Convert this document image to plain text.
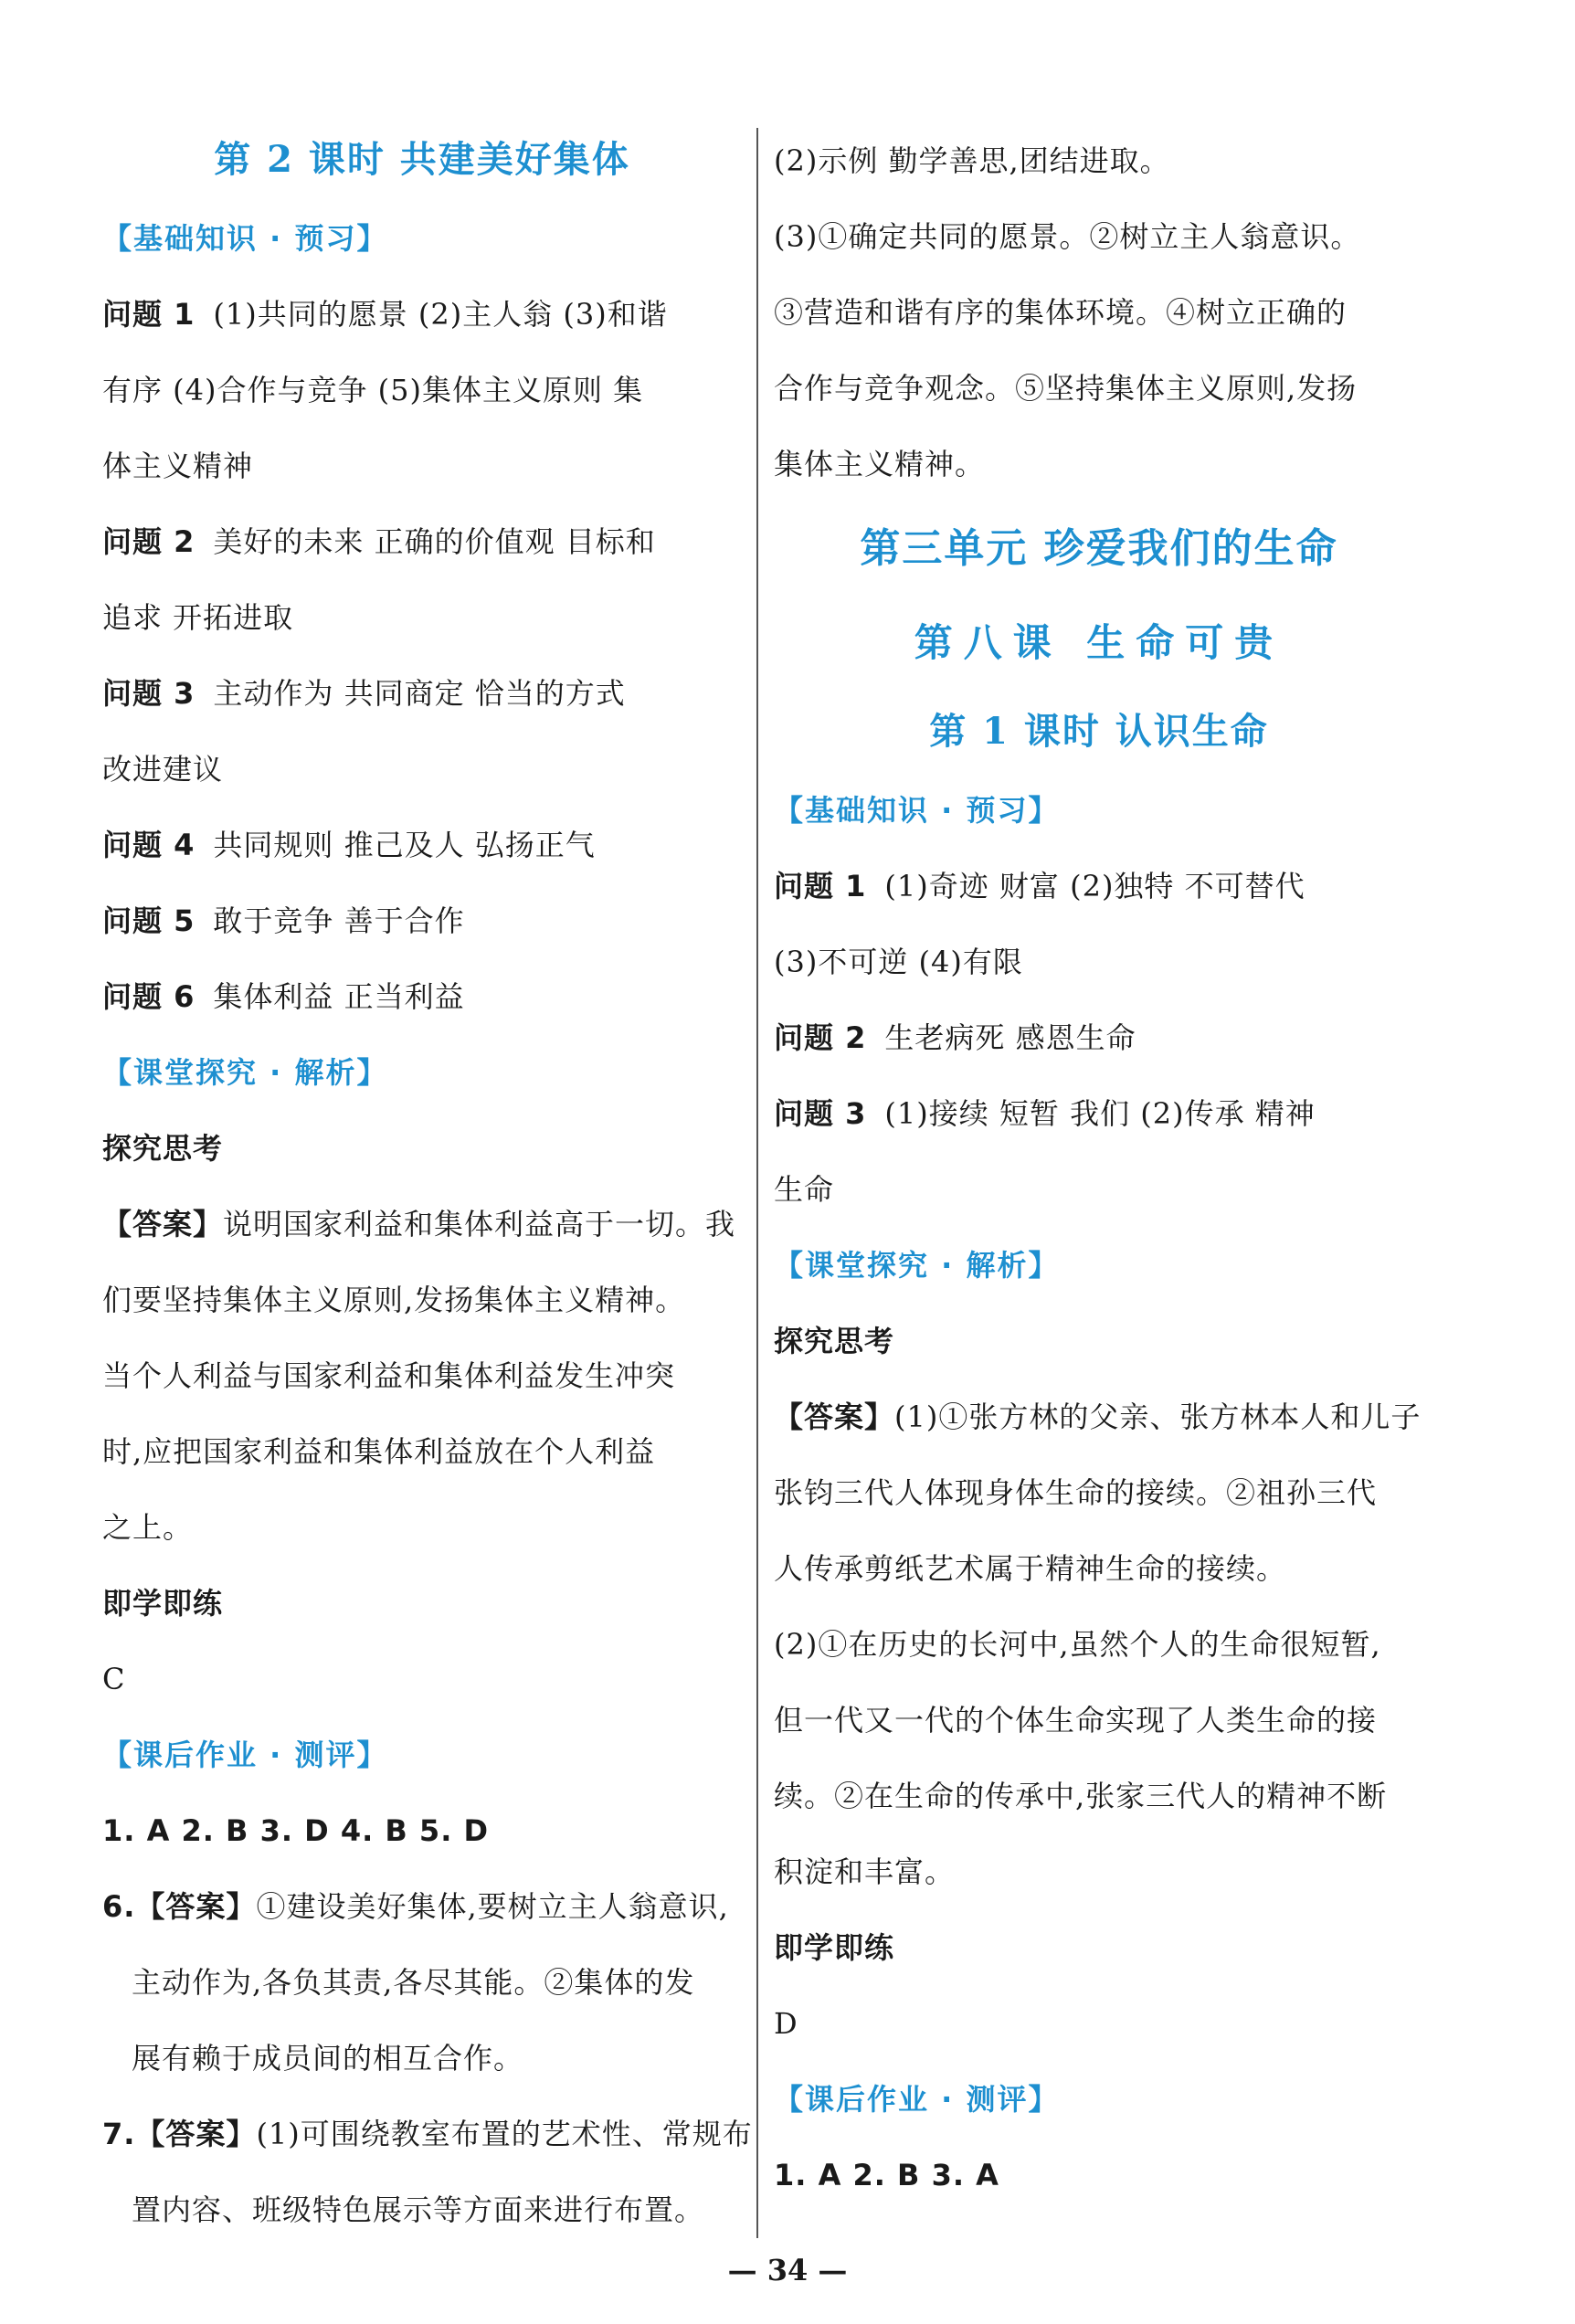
第 2 课时 共建美好集体
【基础知识 · 预习】
问题 1 (1)共同的愿景 (2)主人翁 (3)和谐
有序 (4)合作与竞争 (5)集体主义原则 集
体主义精神
问题 2 美好的未来 正确的价值观 目标和
追求 开拓进取
问题 3 主动作为 共同商定 恰当的方式
改进建议
问题 4 共同规则 推己及人 弘扬正气
问题 5 敢于竞争 善于合作
问题 6 集体利益 正当利益
【课堂探究 · 解析】
探究思考
【答案】说明国家利益和集体利益高于一切。我
们要坚持集体主义原则,发扬集体主义精神。
当个人利益与国家利益和集体利益发生冲突
时,应把国家利益和集体利益放在个人利益
之上。
即学即练
C
【课后作业 · 测评】
1. A 2. B 3. D 4. B 5. D
6.【答案】①建设美好集体,要树立主人翁意识,
主动作为,各负其责,各尽其能。②集体的发
展有赖于成员间的相互合作。
7.【答案】(1)可围绕教室布置的艺术性、常规布
置内容、班级特色展示等方面来进行布置。
(2)示例 勤学善思,团结进取。
(3)①确定共同的愿景。②树立主人翁意识。
③营造和谐有序的集体环境。④树立正确的
合作与竞争观念。⑤坚持集体主义原则,发扬
集体主义精神。
第三单元 珍爱我们的生命
第八课 生命可贵
第 1 课时 认识生命
【基础知识 · 预习】
问题 1 (1)奇迹 财富 (2)独特 不可替代
(3)不可逆 (4)有限
问题 2 生老病死 感恩生命
问题 3 (1)接续 短暂 我们 (2)传承 精神
生命
【课堂探究 · 解析】
探究思考
【答案】(1)①张方林的父亲、张方林本人和儿子
张钧三代人体现身体生命的接续。②祖孙三代
人传承剪纸艺术属于精神生命的接续。
(2)①在历史的长河中,虽然个人的生命很短暂,
但一代又一代的个体生命实现了人类生命的接
续。②在生命的传承中,张家三代人的精神不断
积淀和丰富。
即学即练
D
【课后作业 · 测评】
1. A 2. B 3. A
— 34 —
